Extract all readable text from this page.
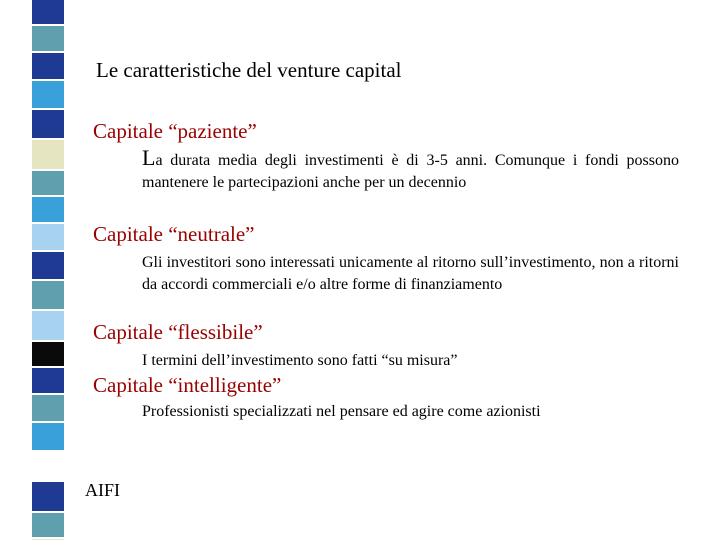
Le caratteristiche del venture capital
Capitale “paziente”
La durata media degli investimenti è di 3-5 anni. Comunque i fondi possono mantenere le partecipazioni anche per un decennio
Capitale “neutrale”
Gli investitori sono interessati unicamente al ritorno sull’investimento, non a ritorni da accordi commerciali e/o altre forme di finanziamento
Capitale “flessibile”
I termini dell’investimento sono fatti “su misura”
Capitale “intelligente”
Professionisti specializzati nel pensare ed agire come azionisti
AIFI
